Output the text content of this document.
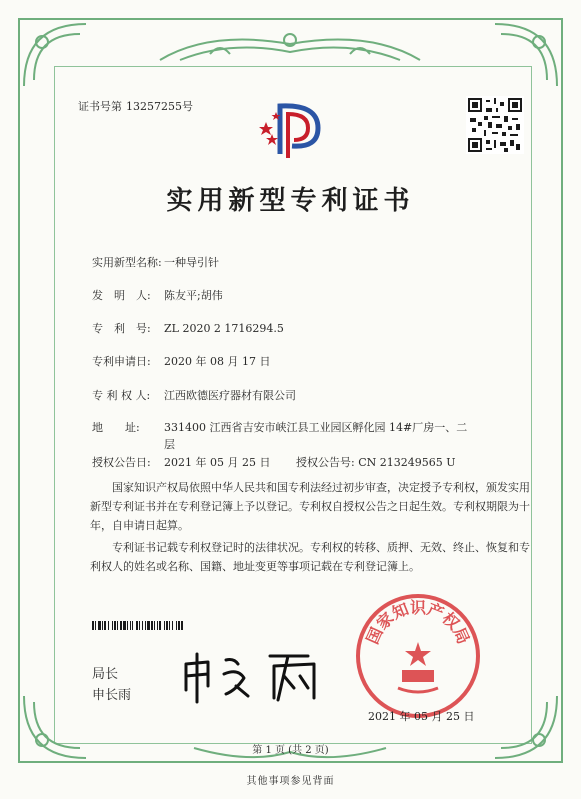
证书号第 13257255号
实用新型专利证书
实用新型名称: 一种导引针
发　明　人: 陈友平;胡伟
专　利　号: ZL 2020 2 1716294.5
专利申请日: 2020 年 08 月 17 日
专 利 权 人: 江西欧德医疗器材有限公司
地　　址: 331400 江西省吉安市峡江县工业园区孵化园 14#厂房一、二层
授权公告日: 2021 年 05 月 25 日 授权公告号: CN 213249565 U
国家知识产权局依照中华人民共和国专利法经过初步审查，决定授予专利权，颁发实用新型专利证书并在专利登记簿上予以登记。专利权自授权公告之日起生效。专利权期限为十年，自申请日起算。
专利证书记载专利权登记时的法律状况。专利权的转移、质押、无效、终止、恢复和专利权人的姓名或名称、国籍、地址变更等事项记载在专利登记簿上。
局长
申长雨
国家知识产权局
2021 年 05 月 25 日
第 1 页 (共 2 页)
其他事项参见背面
